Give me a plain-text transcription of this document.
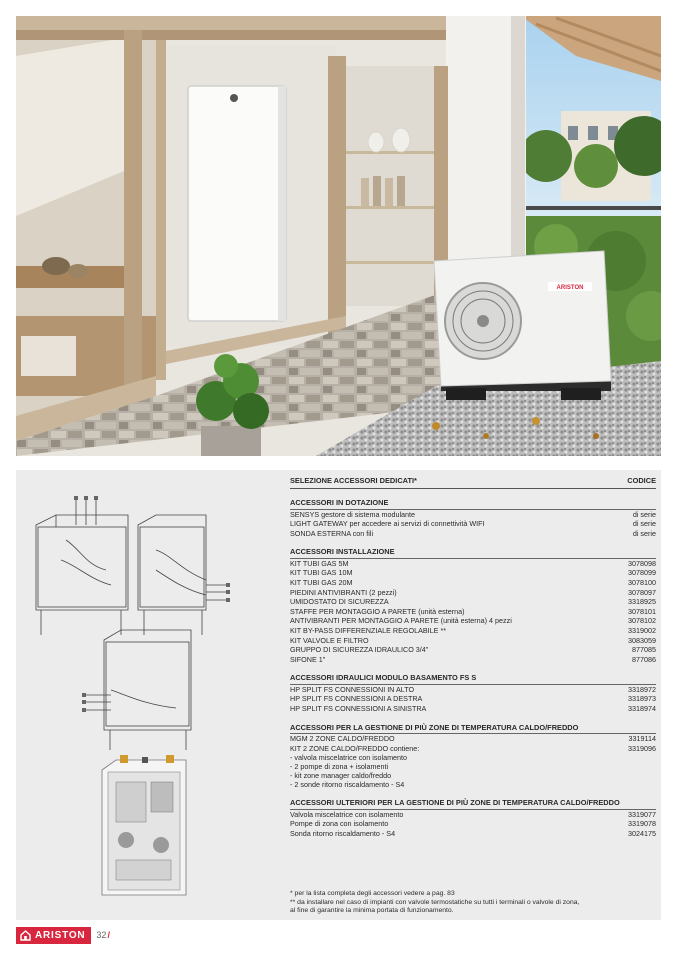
ARISTON
SELEZIONE ACCESSORI DEDICATI*	CODICE
ACCESSORI IN DOTAZIONE
SENSYS gestore di sistema modulante	di serie
LIGHT GATEWAY per accedere ai servizi di connettività WIFI	di serie
SONDA ESTERNA con fili	di serie
ACCESSORI INSTALLAZIONE
KIT TUBI GAS 5M	3078098
KIT TUBI GAS 10M	3078099
KIT TUBI GAS 20M	3078100
PIEDINI ANTIVIBRANTI (2 pezzi)	3078097
UMIDOSTATO DI SICUREZZA	3318925
STAFFE PER MONTAGGIO A PARETE (unità esterna)	3078101
ANTIVIBRANTI PER MONTAGGIO A PARETE (unità esterna) 4 pezzi	3078102
KIT BY-PASS DIFFERENZIALE REGOLABILE **	3319002
KIT VALVOLE E FILTRO	3083059
GRUPPO DI SICUREZZA IDRAULICO 3/4"	877085
SIFONE 1"	877086
ACCESSORI IDRAULICI MODULO BASAMENTO FS S
HP SPLIT FS CONNESSIONI IN ALTO	3318972
HP SPLIT FS CONNESSIONI A DESTRA	3318973
HP SPLIT FS CONNESSIONI A SINISTRA	3318974
ACCESSORI PER LA GESTIONE DI PIÙ ZONE DI TEMPERATURA CALDO/FREDDO
MGM 2 ZONE CALDO/FREDDO	3319114
KIT 2 ZONE CALDO/FREDDO contiene:	3319096
- valvola miscelatrice con isolamento
- 2 pompe di zona + isolamenti
- kit zone manager caldo/freddo
- 2 sonde ritorno riscaldamento - S4
ACCESSORI ULTERIORI PER LA GESTIONE DI PIÙ ZONE DI TEMPERATURA CALDO/FREDDO
Valvola miscelatrice con isolamento	3319077
Pompe di zona con isolamento	3319078
Sonda ritorno riscaldamento - S4	3024175
* per la lista completa degli accessori vedere a pag. 83
** da installare nel caso di impianti con valvole termostatiche su tutti i terminali o valvole di zona,
al fine di garantire la minima portata di funzionamento.
ARISTON 32/
